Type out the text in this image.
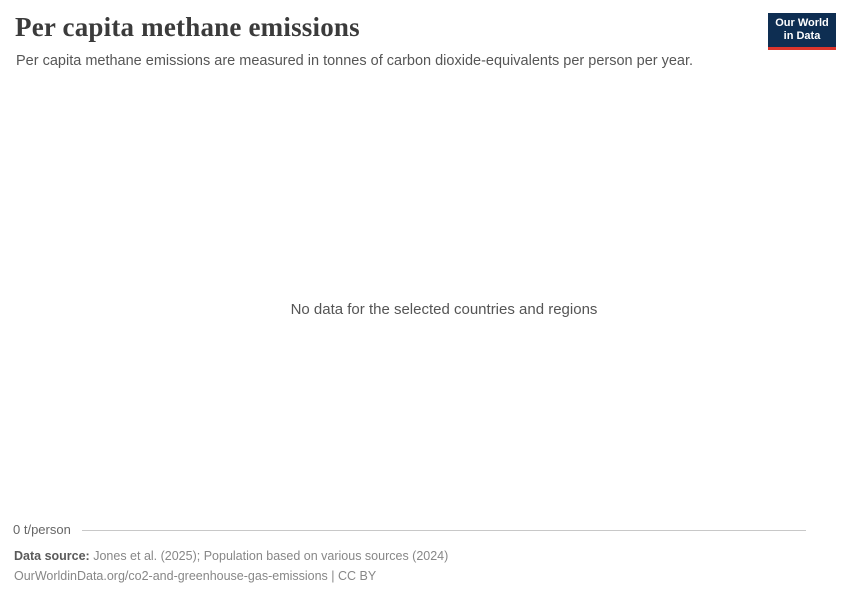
Per capita methane emissions	Our World
in Data

Per capita methane emissions are measured in tonnes of carbon dioxide-equivalents per person per year.

No data for the selected countries and regions
0 t/person
Data source: Jones et al. (2025); Population based on various sources (2024)
OurWorldinData.org/co2-and-greenhouse-gas-emissions | CC BY
